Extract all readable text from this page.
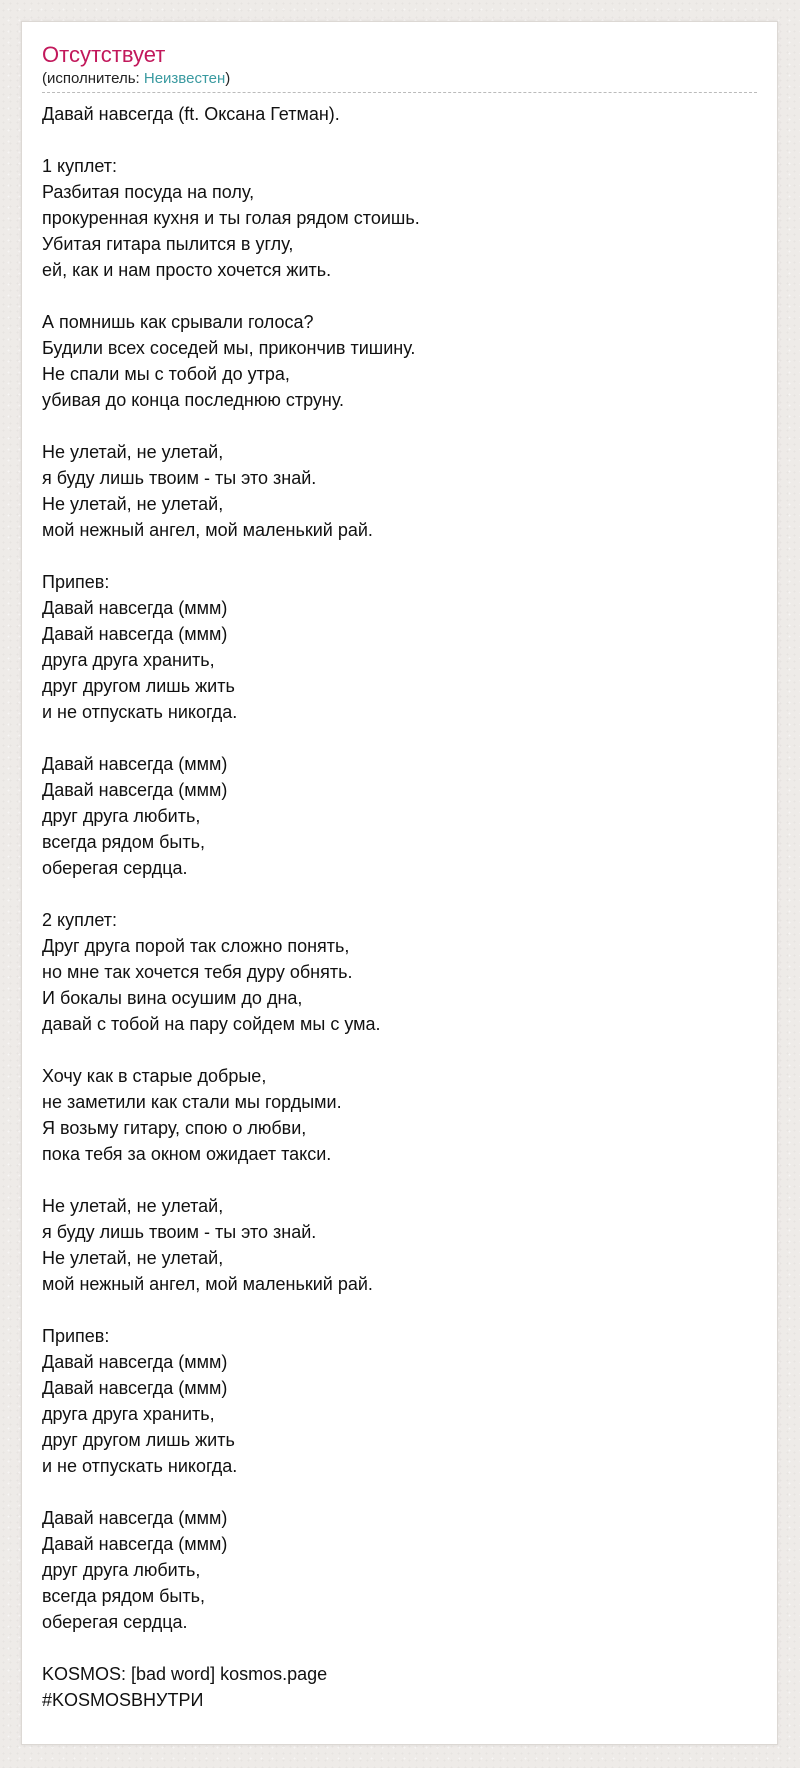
Отсутствует
(исполнитель: Неизвестен)
Давай навсегда (ft. Оксана Гетман).

1 куплет:
Разбитая посуда на полу,
прокуренная кухня и ты голая рядом стоишь.
Убитая гитара пылится в углу,
ей, как и нам просто хочется жить.

А помнишь как срывали голоса?
Будили всех соседей мы, прикончив тишину.
Не спали мы с тобой до утра,
убивая до конца последнюю струну.

Не улетай, не улетай,
я буду лишь твоим - ты это знай.
Не улетай, не улетай,
мой нежный ангел, мой маленький рай.

Припев:
Давай навсегда (ммм)
Давай навсегда (ммм)
друга друга хранить,
друг другом лишь жить
и не отпускать никогда.

Давай навсегда (ммм)
Давай навсегда (ммм)
друг друга любить,
всегда рядом быть,
оберегая сердца.

2 куплет:
Друг друга порой так сложно понять,
но мне так хочется тебя дуру обнять.
И бокалы вина осушим до дна,
давай с тобой на пару сойдем мы с ума.

Хочу как в старые добрые,
не заметили как стали мы гордыми.
Я возьму гитару, спою о любви,
пока тебя за окном ожидает такси.

Не улетай, не улетай,
я буду лишь твоим - ты это знай.
Не улетай, не улетай,
мой нежный ангел, мой маленький рай.

Припев:
Давай навсегда (ммм)
Давай навсегда (ммм)
друга друга хранить,
друг другом лишь жить
и не отпускать никогда.

Давай навсегда (ммм)
Давай навсегда (ммм)
друг друга любить,
всегда рядом быть,
оберегая сердца.

KOSMOS: [bad word] kosmos.page
#KOSMOSВНУТРИ
